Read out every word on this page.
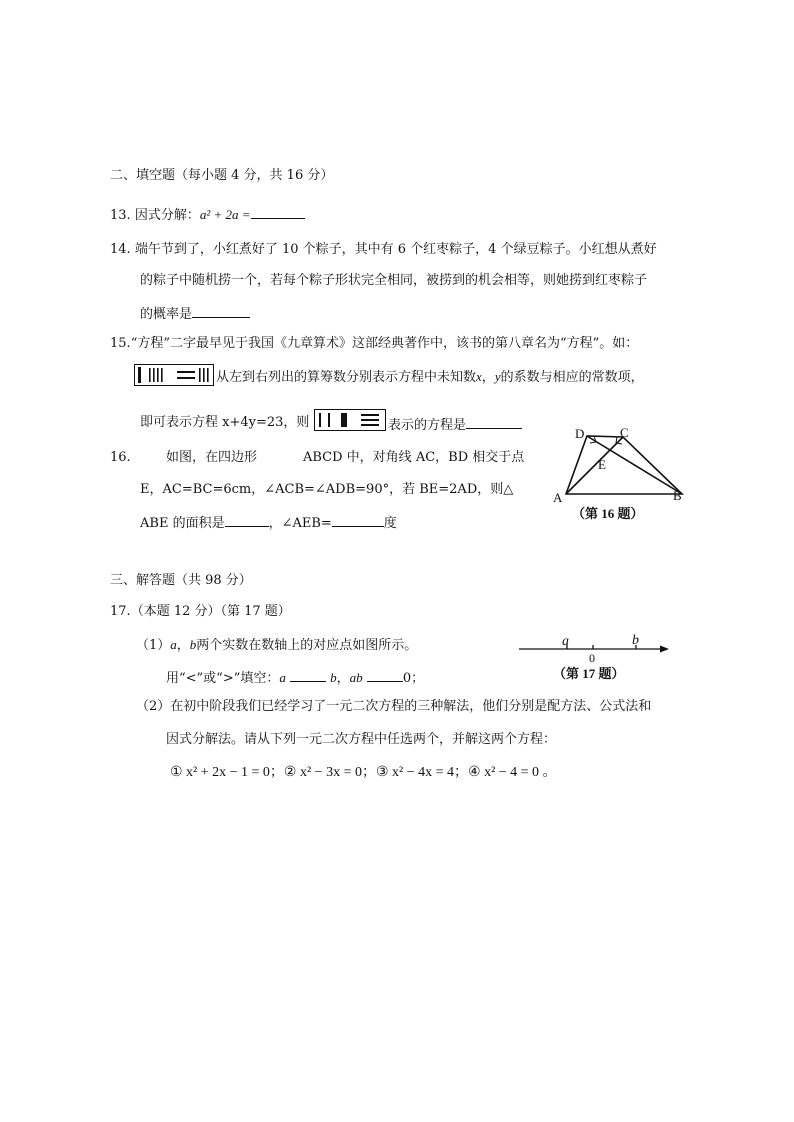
二、填空题（每小题 4 分，共 16 分）
13. 因式分解：a² + 2a =
14. 端午节到了，小红煮好了 10 个粽子，其中有 6 个红枣粽子，4 个绿豆粽子。小红想从煮好
的粽子中随机捞一个，若每个粽子形状完全相同，被捞到的机会相等，则她捞到红枣粽子
的概率是
15.“方程”二字最早见于我国《九章算术》这部经典著作中，该书的第八章名为“方程”。如：
从左到右列出的算筹数分别表示方程中未知数x，y的系数与相应的常数项，
即可表示方程 x+4y=23，则	表示的方程是
16.	如图，在四边形	ABCD 中，对角线 AC，BD 相交于点
E，AC=BC=6cm，∠ACB=∠ADB=90°，若 BE=2AD，则△
ABE 的面积是	，∠AEB=	度
A	B
C
D
E
（第 16 题）
三、解答题（共 98 分）
17.（本题 12 分）（第 17 题）
（1）a，b两个实数在数轴上的对应点如图所示。
用“<”或“>”填空：a	b，ab	0；
a	b
0
（第 17 题）
（2）在初中阶段我们已经学习了一元二次方程的三种解法，他们分别是配方法、公式法和
因式分解法。请从下列一元二次方程中任选两个，并解这两个方程：
① x² + 2x − 1 = 0；② x² − 3x = 0；③ x² − 4x = 4；④ x² − 4 = 0 。
